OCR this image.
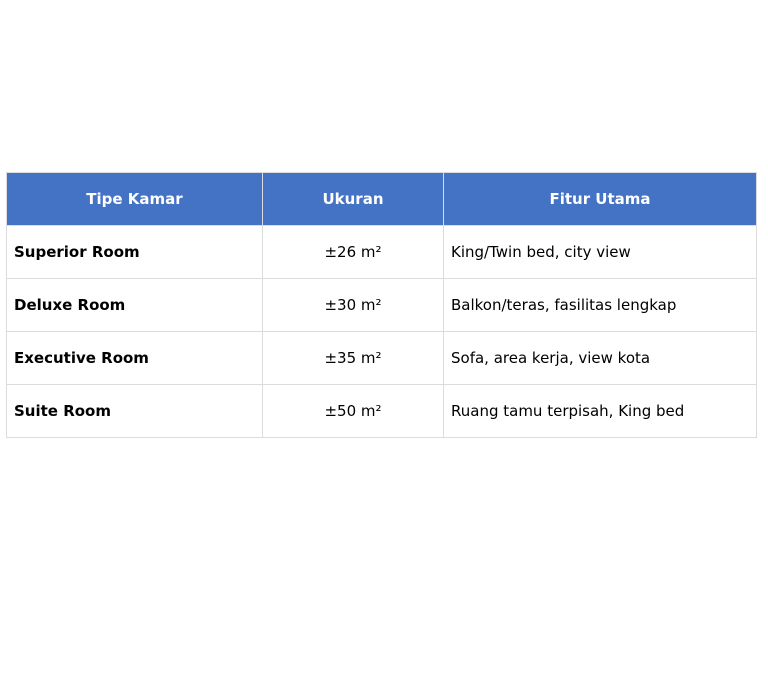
Tipe Kamar	Ukuran	Fitur Utama
Superior Room	±26 m²	King/Twin bed, city view
Deluxe Room	±30 m²	Balkon/teras, fasilitas lengkap
Executive Room	±35 m²	Sofa, area kerja, view kota
Suite Room	±50 m²	Ruang tamu terpisah, King bed
